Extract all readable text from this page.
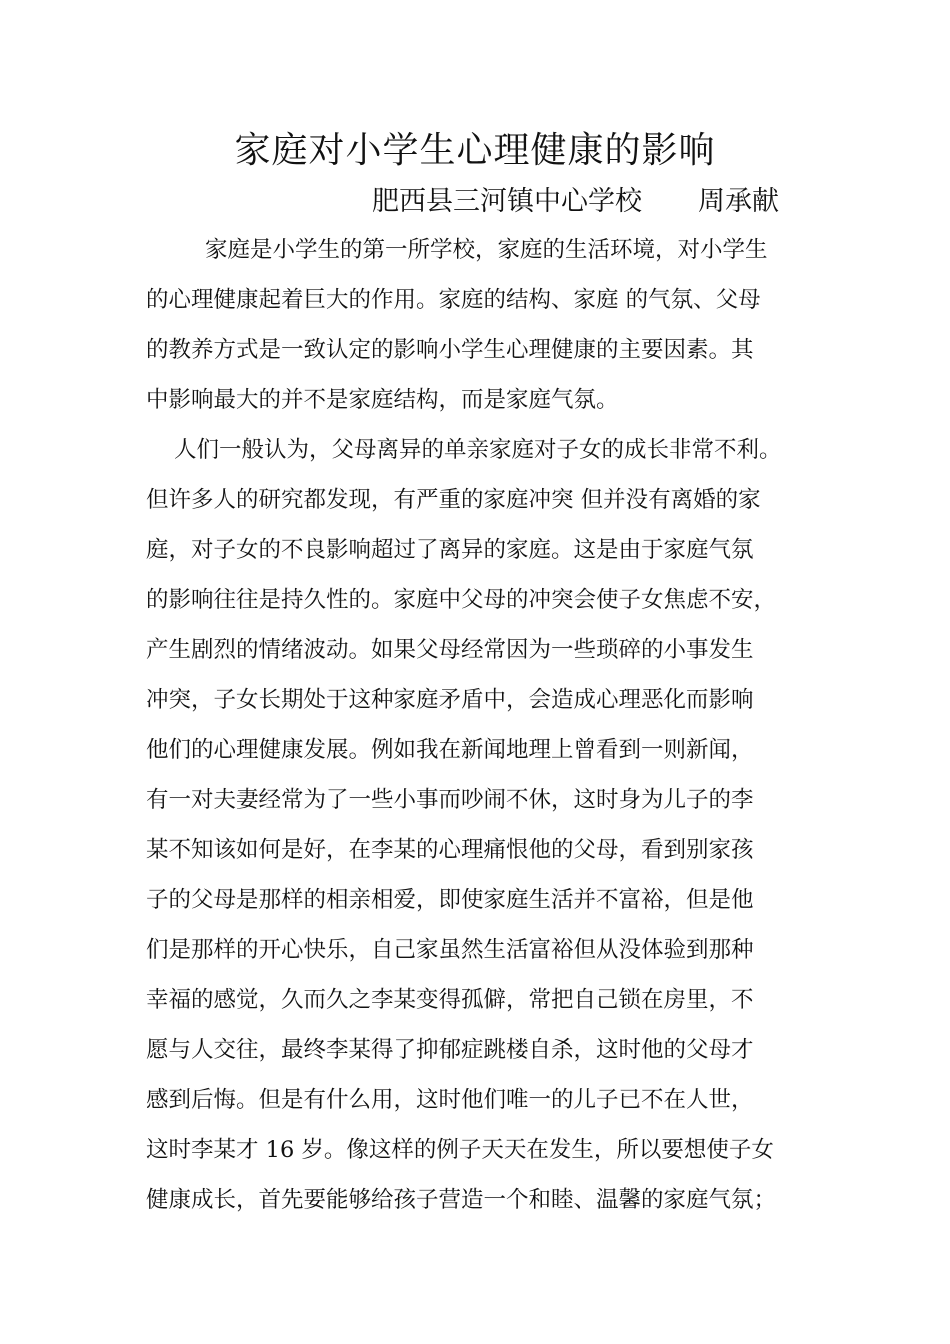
家庭对小学生心理健康的影响
肥西县三河镇中心学校 周承献
家庭是小学生的第一所学校，家庭的生活环境，对小学生
的心理健康起着巨大的作用。家庭的结构、家庭 的气氛、父母
的教养方式是一致认定的影响小学生心理健康的主要因素。其
中影响最大的并不是家庭结构，而是家庭气氛。
人们一般认为，父母离异的单亲家庭对子女的成长非常不利。
但许多人的研究都发现，有严重的家庭冲突 但并没有离婚的家
庭，对子女的不良影响超过了离异的家庭。这是由于家庭气氛
的影响往往是持久性的。家庭中父母的冲突会使子女焦虑不安，
产生剧烈的情绪波动。如果父母经常因为一些琐碎的小事发生
冲突，子女长期处于这种家庭矛盾中，会造成心理恶化而影响
他们的心理健康发展。例如我在新闻地理上曾看到一则新闻，
有一对夫妻经常为了一些小事而吵闹不休，这时身为儿子的李
某不知该如何是好，在李某的心理痛恨他的父母，看到别家孩
子的父母是那样的相亲相爱，即使家庭生活并不富裕，但是他
们是那样的开心快乐，自己家虽然生活富裕但从没体验到那种
幸福的感觉，久而久之李某变得孤僻，常把自己锁在房里，不
愿与人交往，最终李某得了抑郁症跳楼自杀，这时他的父母才
感到后悔。但是有什么用，这时他们唯一的儿子已不在人世，
这时李某才 16 岁。像这样的例子天天在发生，所以要想使子女
健康成长，首先要能够给孩子营造一个和睦、温馨的家庭气氛；
